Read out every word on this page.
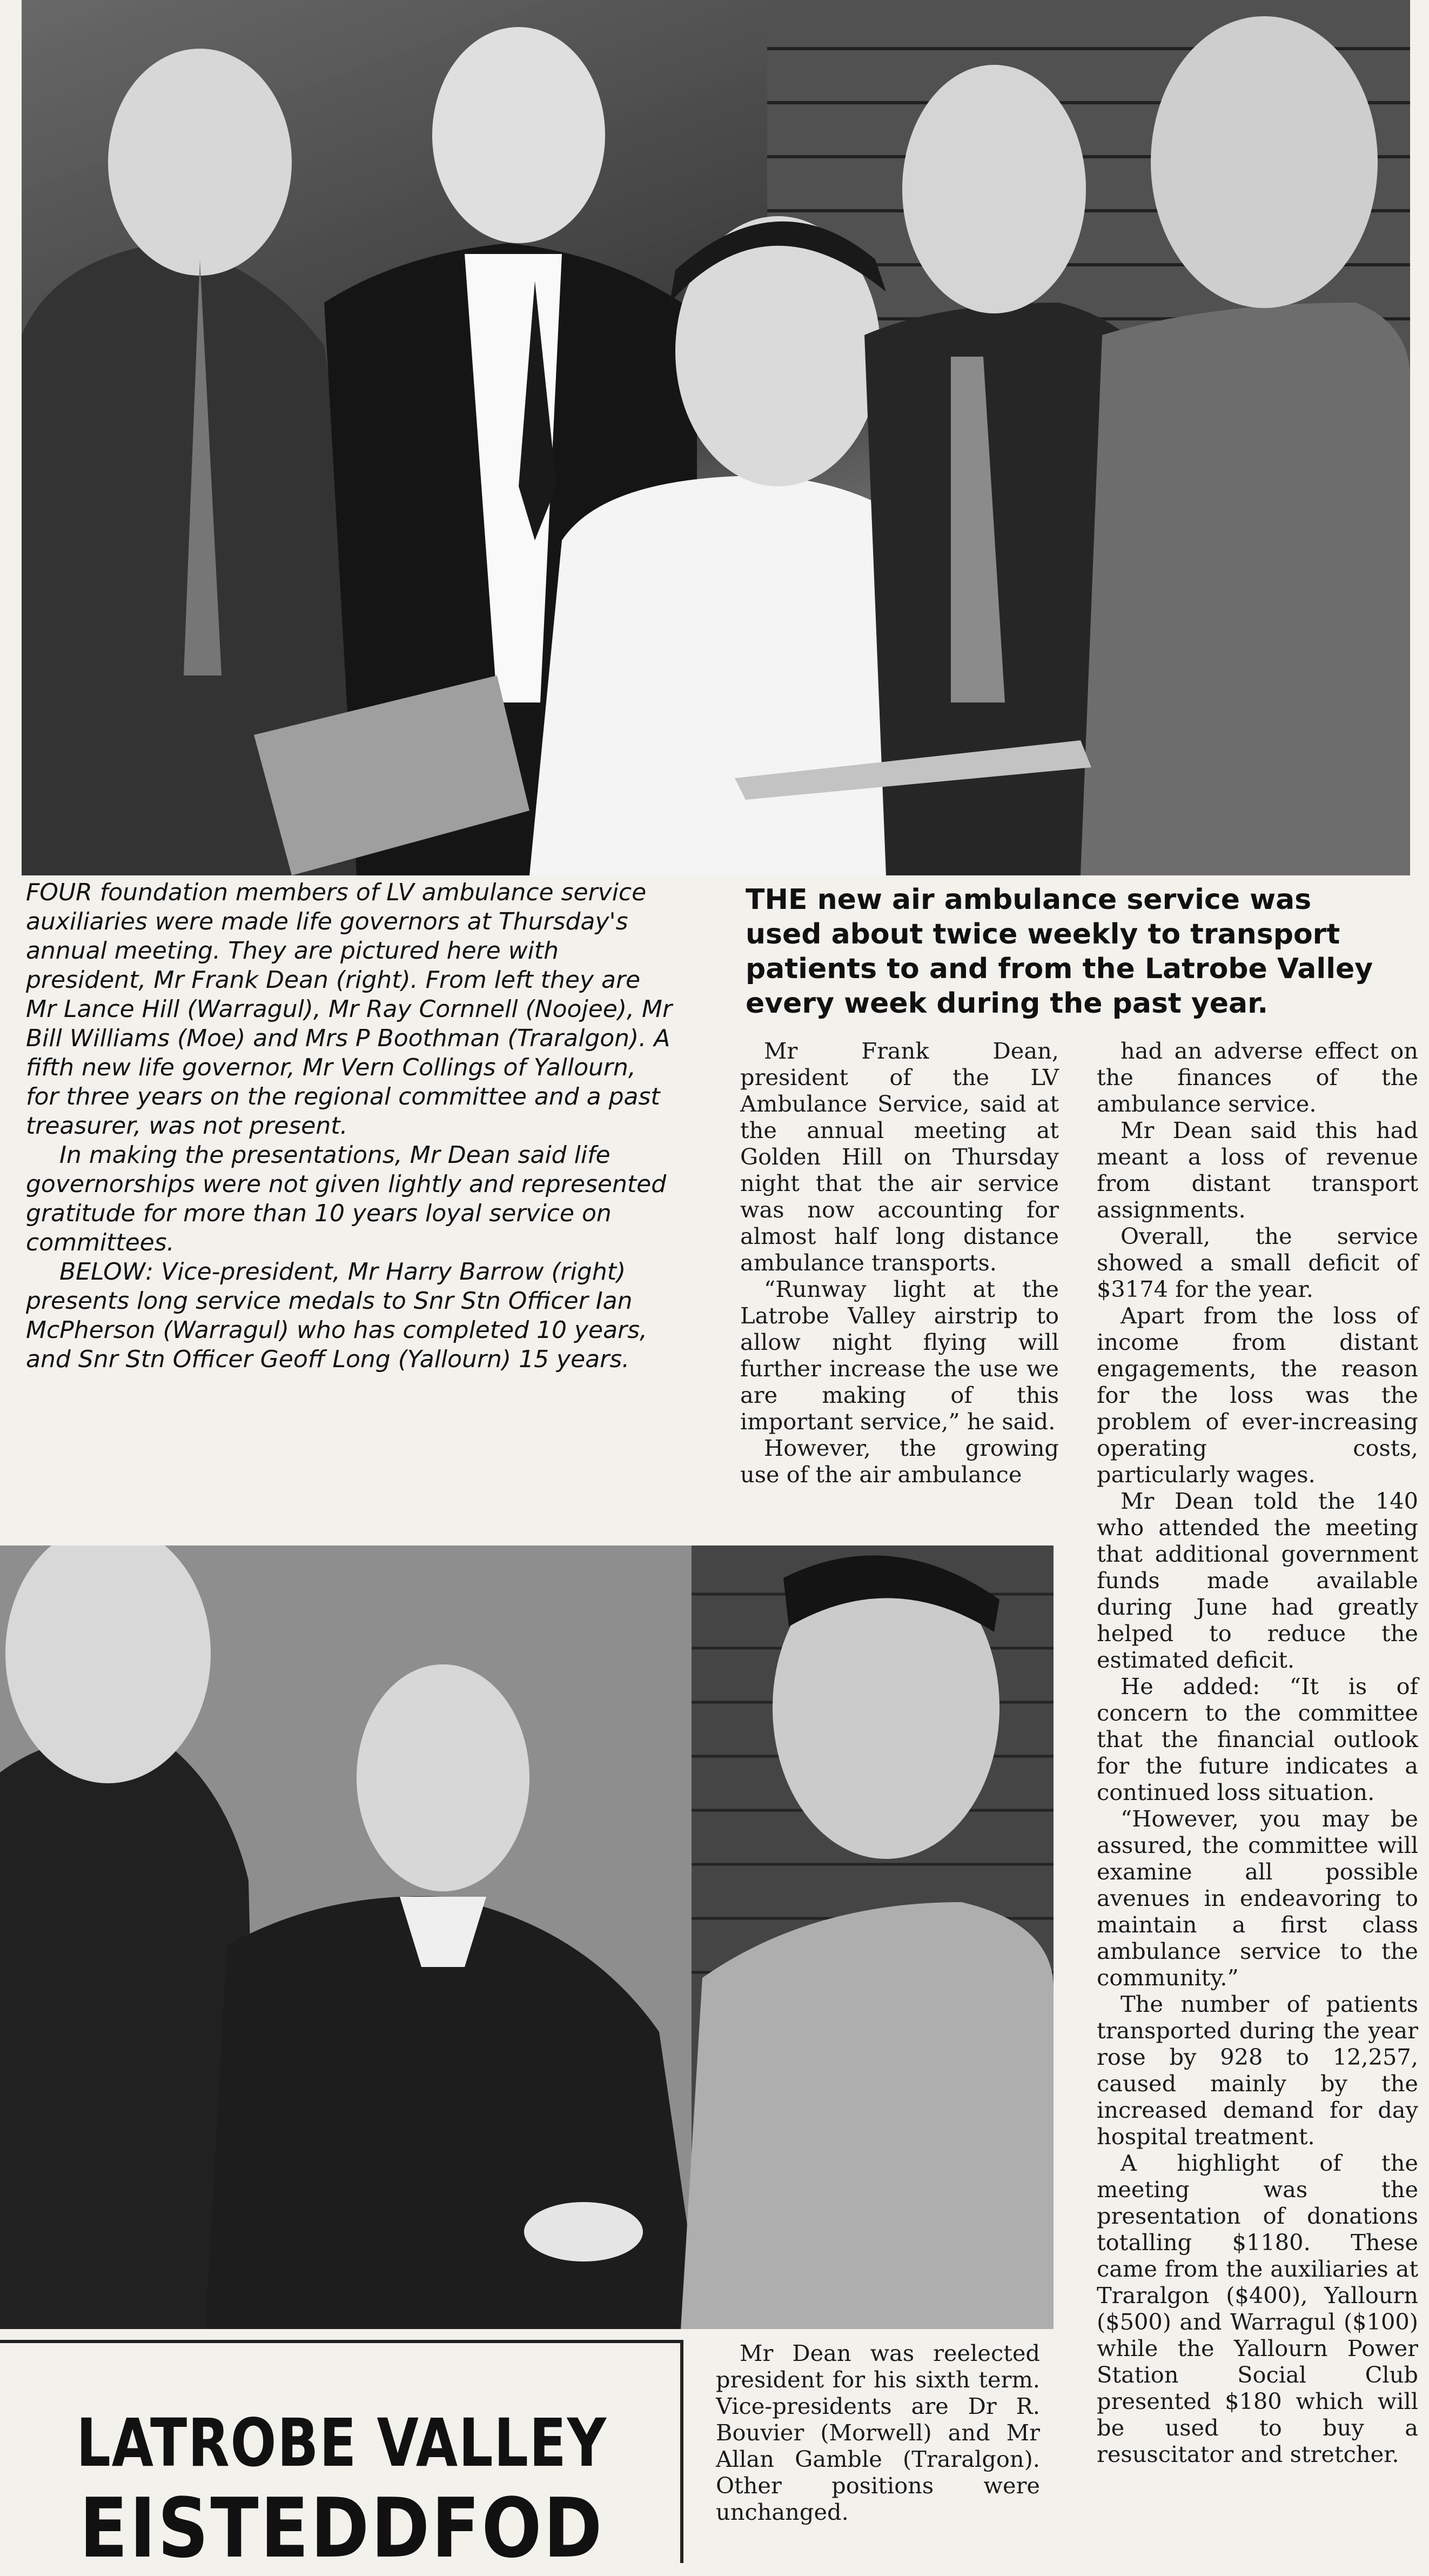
FOUR foundation members of LV ambulance service auxiliaries were made life governors at Thursday's annual meeting. They are pictured here with president, Mr Frank Dean (right). From left they are Mr Lance Hill (Warragul), Mr Ray Cornnell (Noojee), Mr Bill Williams (Moe) and Mrs P Boothman (Traralgon). A fifth new life governor, Mr Vern Collings of Yallourn, for three years on the regional committee and a past treasurer, was not present.

In making the presentations, Mr Dean said life governorships were not given lightly and represented gratitude for more than 10 years loyal service on committees.

BELOW: Vice-president, Mr Harry Barrow (right) presents long service medals to Snr Stn Officer Ian McPherson (Warragul) who has completed 10 years, and Snr Stn Officer Geoff Long (Yallourn) 15 years.

THE new air ambulance service was used about twice weekly to transport patients to and from the Latrobe Valley every week during the past year.

Mr Frank Dean, president of the LV Ambulance Service, said at the annual meeting at Golden Hill on Thursday night that the air service was now accounting for almost half long distance ambulance transports.

“Runway light at the Latrobe Valley airstrip to allow night flying will further increase the use we are making of this important service,” he said.

However, the growing use of the air ambulance

had an adverse effect on the finances of the ambulance service.

Mr Dean said this had meant a loss of revenue from distant transport assignments.

Overall, the service showed a small deficit of $3174 for the year.

Apart from the loss of income from distant engagements, the reason for the loss was the problem of ever-increasing operating costs, particularly wages.

Mr Dean told the 140 who attended the meeting that additional government funds made available during June had greatly helped to reduce the estimated deficit.

He added: “It is of concern to the committee that the financial outlook for the future indicates a continued loss situation.

“However, you may be assured, the committee will examine all possible avenues in endeavoring to maintain a first class ambulance service to the community.”

The number of patients transported during the year rose by 928 to 12,257, caused mainly by the increased demand for day hospital treatment.

A highlight of the meeting was the presentation of donations totalling $1180. These came from the auxiliaries at Traralgon ($400), Yallourn ($500) and Warragul ($100) while the Yallourn Power Station Social Club presented $180 which will be used to buy a resuscitator and stretcher.

Mr Dean was reelected president for his sixth term. Vice-presidents are Dr R. Bouvier (Morwell) and Mr Allan Gamble (Traralgon). Other positions were unchanged.

LATROBE VALLEY
EISTEDDFOD
